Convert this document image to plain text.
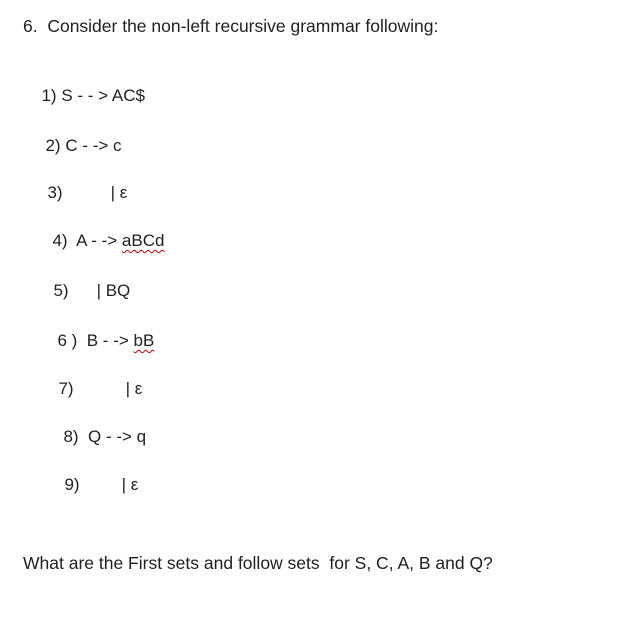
6.  Consider the non-left recursive grammar following:

1) S - - > AC$

2) C - -> c

3)	| ε

4) A - -> aBCd

5) | BQ

6 ) B - -> bB

7)	| ε

8) Q - -> q

9) | ε

What are the First sets and follow sets  for S, C, A, B and Q?
